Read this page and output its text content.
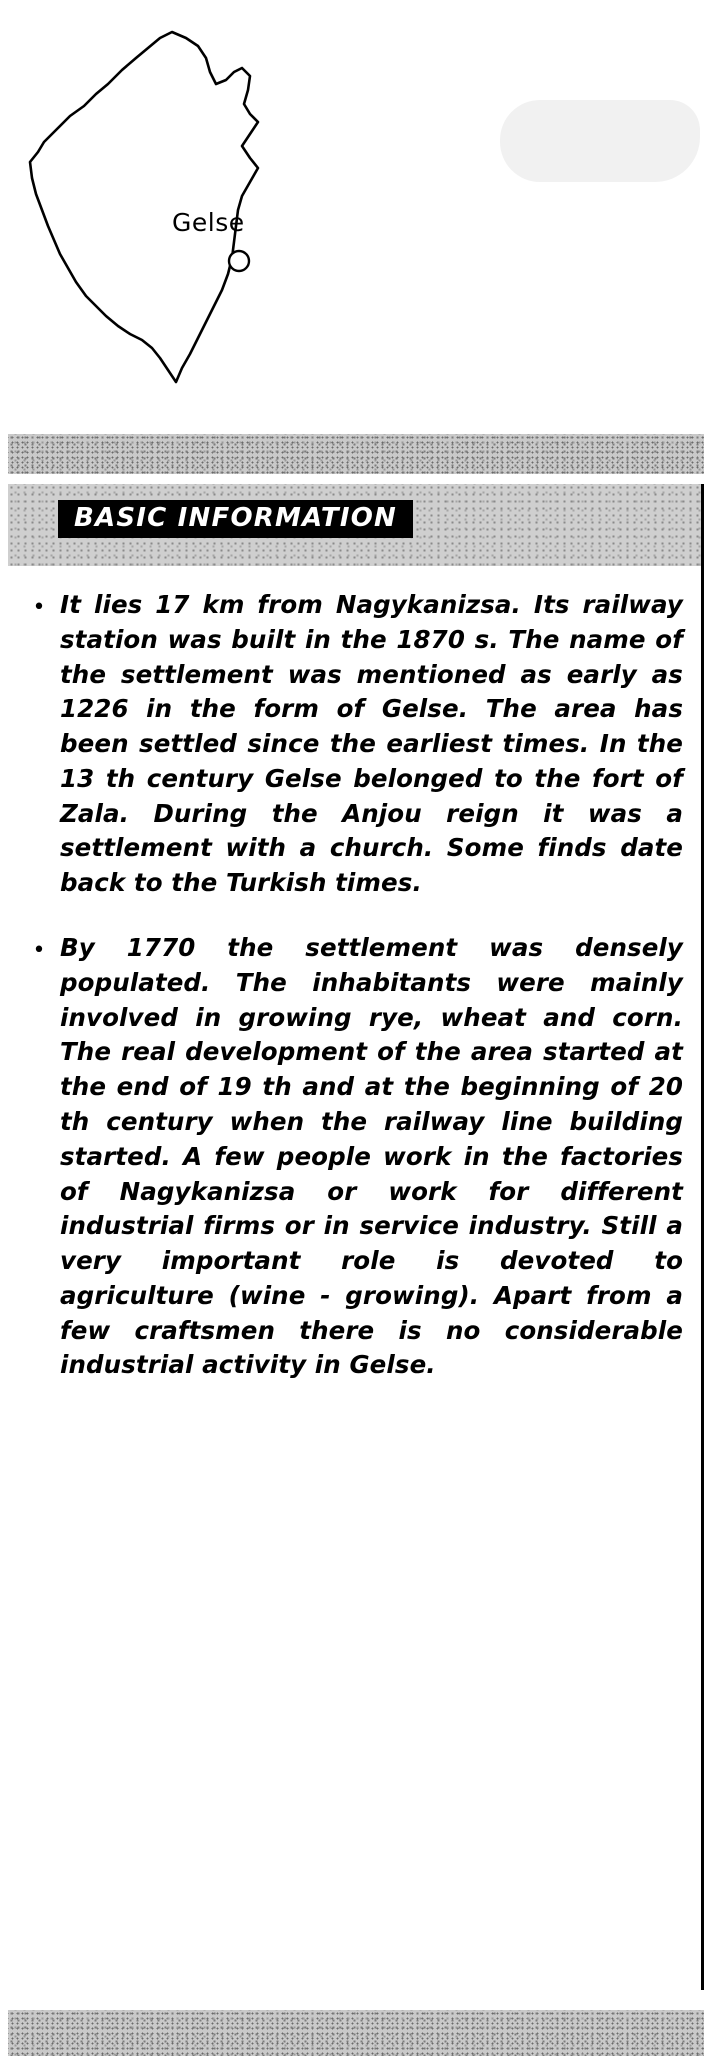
Gelse
BASIC INFORMATION
• It lies 17 km from Nagykanizsa. Its railway station was built in the 1870 s. The name of the settlement was mentioned as early as 1226 in the form of Gelse. The area has been settled since the earliest times. In the 13 th century Gelse belonged to the fort of Zala. During the Anjou reign it was a settlement with a church. Some finds date back to the Turkish times.
• By 1770 the settlement was densely populated. The inhabitants were mainly involved in growing rye, wheat and corn. The real development of the area started at the end of 19 th and at the beginning of 20 th century when the railway line building started. A few people work in the factories of Nagykanizsa or work for different industrial firms or in service industry. Still a very important role is devoted to agriculture (wine - growing). Apart from a few craftsmen there is no considerable industrial activity in Gelse.
